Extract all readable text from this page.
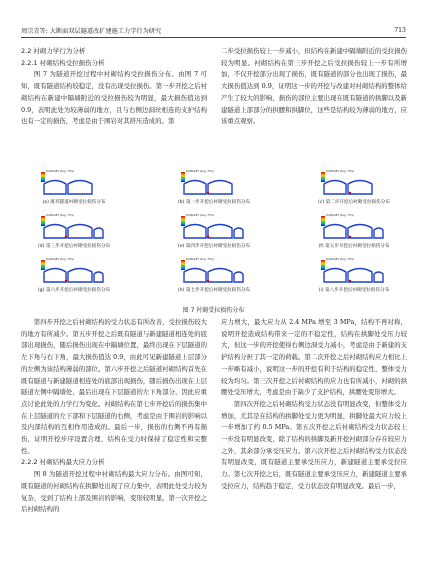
周宗青等: 大断面双层隧道改扩建施工力学行为研究	713

2.2 衬砌力学行为分析

2.2.1 衬砌结构受拉损伤分析

图 7 为隧道开挖过程中衬砌结构受拉损伤分布。由图 7 可知，既有隧道结构较稳定，没有出现受拉损伤。第一步开挖之后衬砌结构在新建中隔墙附近的受拉损伤较为明显，最大损伤值达到 0.9，表明此处为较薄弱的地方，且与右侧边洞丝相连的支护结构也有一定的损伤，考虑是由于围岩对其挤压造成的。第

二步受拉损伤较上一步减小，但结构在新建中隔墙附近的受拉损伤较为明显。衬砌结构在第三步开挖之后受拉损伤较上一步有所增加，不仅开挖部分出现了损伤，既有隧道的部分也出现了损伤，最大损伤值达到 0.9，证明这一步的开挖与改建对衬砌结构的整体给产生了较大的影响，损伤的部位主要出现在既有隧道的拱脚以及新建隧道上部部分的拱腰和拱脚位，这些是结构较为薄弱的地方，应该重点观察。

DAMAGET (Avg: 75%)
(a) 既有隧道衬砌受拉损伤分布
DAMAGET (Avg: 75%)
(b) 第一步开挖后衬砌受拉损伤分布
DAMAGET (Avg: 75%)
(c) 第二步开挖后衬砌受拉损伤分布
DAMAGET (Avg: 75%)
(d) 第三步开挖后衬砌受拉损伤分布
DAMAGET (Avg: 75%)
(e) 第四步开挖后衬砌受拉损伤分布
DAMAGET (Avg: 75%)
(f) 第五步开挖后衬砌受拉损伤分布
DAMAGET (Avg: 75%)
(g) 第六步开挖后衬砌受拉损伤分布
DAMAGET (Avg: 75%)
(h) 第七步开挖后衬砌受拉损伤分布
DAMAGET (Avg: 75%)
(i) 第八步开挖后衬砌受拉损伤分布
图 7 衬砌受拉损伤分布

第四步开挖之后衬砌结构的受力状态有所改善，受拉损伤较大的地方有所减少。第五步开挖之后既有隧道与新建隧道相连处的底部出现损伤，随后损伤出现在中隔墙位置，最终出现在下层隧道的左下角与右下角，最大损伤值达 0.9，由此可见新建隧道上层部分的左侧为该结构薄弱的部位。第六步开挖之后隧道衬砌结构首先在既有隧道与新建隧道相连处的底部出现损伤，随后损伤出现在上层隧道左侧中隔墙处，最后出现在下层隧道的左下角部分，因此应重点讨论此处的力学行为变化。衬砌结构在第七步开挖后的损伤集中在上层隧道的左下部和下层隧道的右侧，考虑是由于围岩的影响以及内部结构的互相作用造成的。最后一步，损伤的右侧不再有损伤，证明开挖步序设置合理，结构在受力时保持了稳定性和完整性。

2.2.2 衬砌结构最大应力分析

图 8 为隧道开挖过程中衬砌结构最大应力分布。由图可知，既有隧道的衬砌结构在拱脚处出现了应力集中，表明此处受力较为复杂，受到了结构上部及围岩的影响，变形较明显。第一次开挖之后衬砌结构的

应力增大，最大应力从 2.4 MPa 增至 3 MPa，结构不再对称，说明开挖造成结构带来一定的不稳定性，结构在拱脚处受压力较大，但这一步的开挖使得右侧边洞受力减小，考虑是由于新建的支护结构分担了其一定的荷载。第二次开挖之后衬砌结构应力相比上一步略有减小，说明这一步的开挖有利于结构的稳定性，整体受力较为均匀。第三次开挖之后衬砌结构的应力也有所减小，衬砌的拱腰处受压增大，考虑是由于缺少了支护结构，拱腰处变形增大。

第四次开挖之后衬砌结构受力状态没有明显改变，但整体受力增加，尤其是在结构的拱脚处受力更为明显，拱脚处最大应力较上一步增加了约 0.5 MPa。第五次开挖之后衬砌结构受力状态较上一步没有明显改变，除了结构的拱脚及新开挖衬砌部分存在较应力之外，其余部分承受压应力。第六次开挖之后衬砌结构受力状态没有明显改变，既有隧道主要承受压应力，新建隧道主要承受拉应力。第七次开挖之后，既有隧道主要承受压应力，新建隧道主要承受拉应力，结构趋于稳定，受力状态没有明显改变。最后一步，
